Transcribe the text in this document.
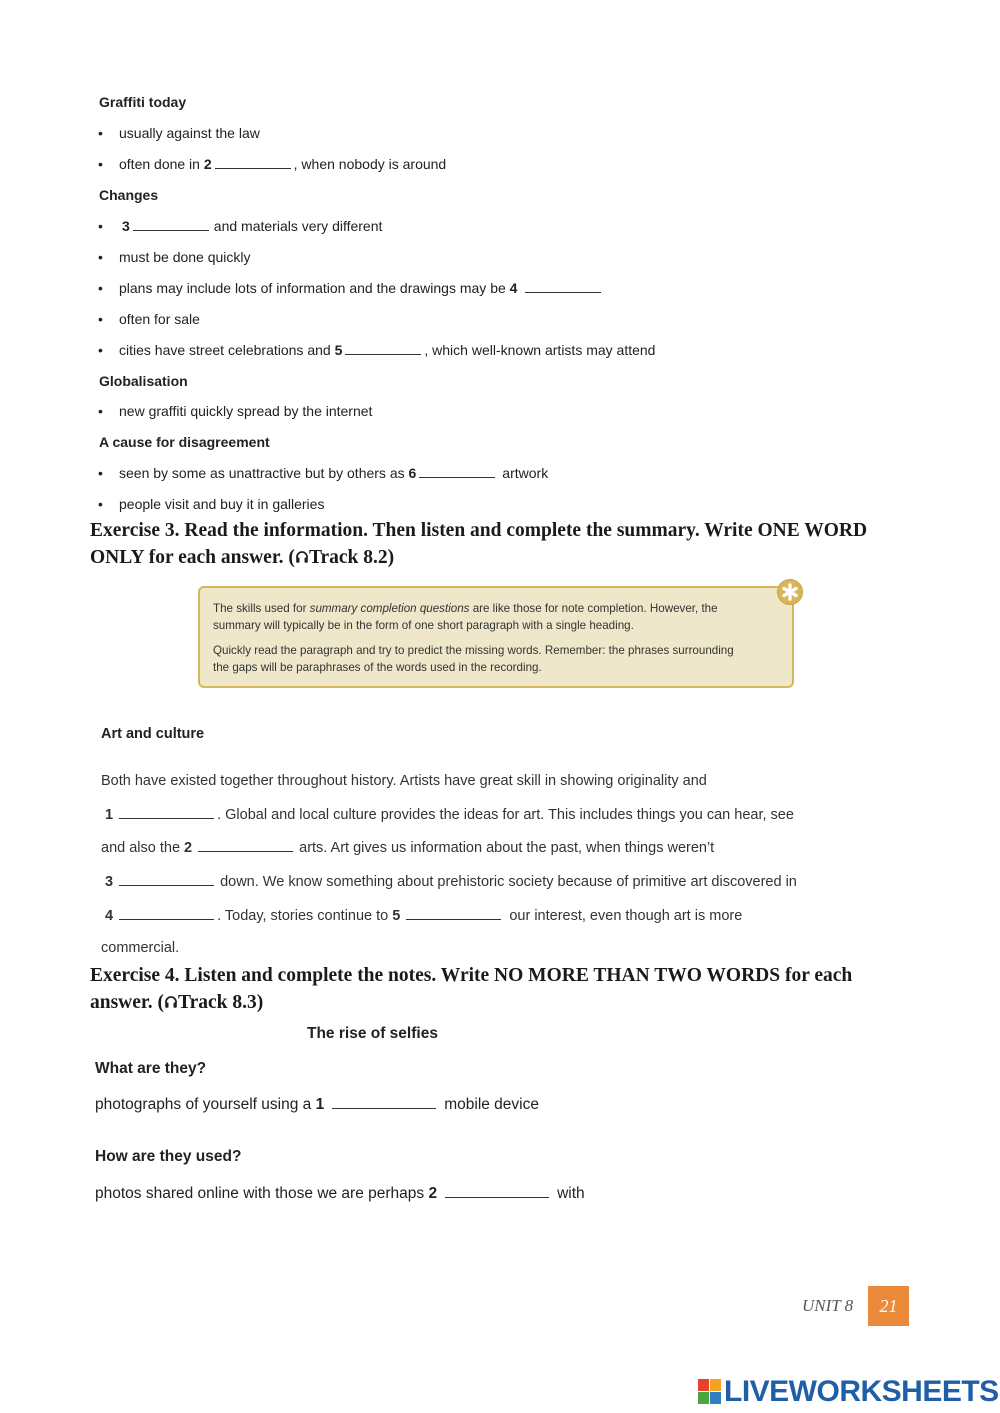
Graffiti today
• usually against the law
• often done in 2	, when nobody is around
Changes
• 3	and materials very different
• must be done quickly
• plans may include lots of information and the drawings may be 4
• often for sale
• cities have street celebrations and 5	, which well-known artists may attend
Globalisation
• new graffiti quickly spread by the internet
A cause for disagreement
• seen by some as unattractive but by others as 6	artwork
• people visit and buy it in galleries
Exercise 3. Read the information. Then listen and complete the summary. Write ONE WORD
ONLY for each answer. ( Track 8.2)
The skills used for summary completion questions are like those for note completion. However, the
summary will typically be in the form of one short paragraph with a single heading.
Quickly read the paragraph and try to predict the missing words. Remember: the phrases surrounding
the gaps will be paraphrases of the words used in the recording.
Art and culture
Both have existed together throughout history. Artists have great skill in showing originality and
1	. Global and local culture provides the ideas for art. This includes things you can hear, see
and also the 2	arts. Art gives us information about the past, when things weren’t
3	down. We know something about prehistoric society because of primitive art discovered in
4	. Today, stories continue to 5	our interest, even though art is more
commercial.
Exercise 4. Listen and complete the notes. Write NO MORE THAN TWO WORDS for each
answer. ( Track 8.3)
The rise of selfies
What are they?
photographs of yourself using a 1	mobile device
How are they used?
photos shared online with those we are perhaps 2	with
UNIT 8	21
LIVEWORKSHEETS
